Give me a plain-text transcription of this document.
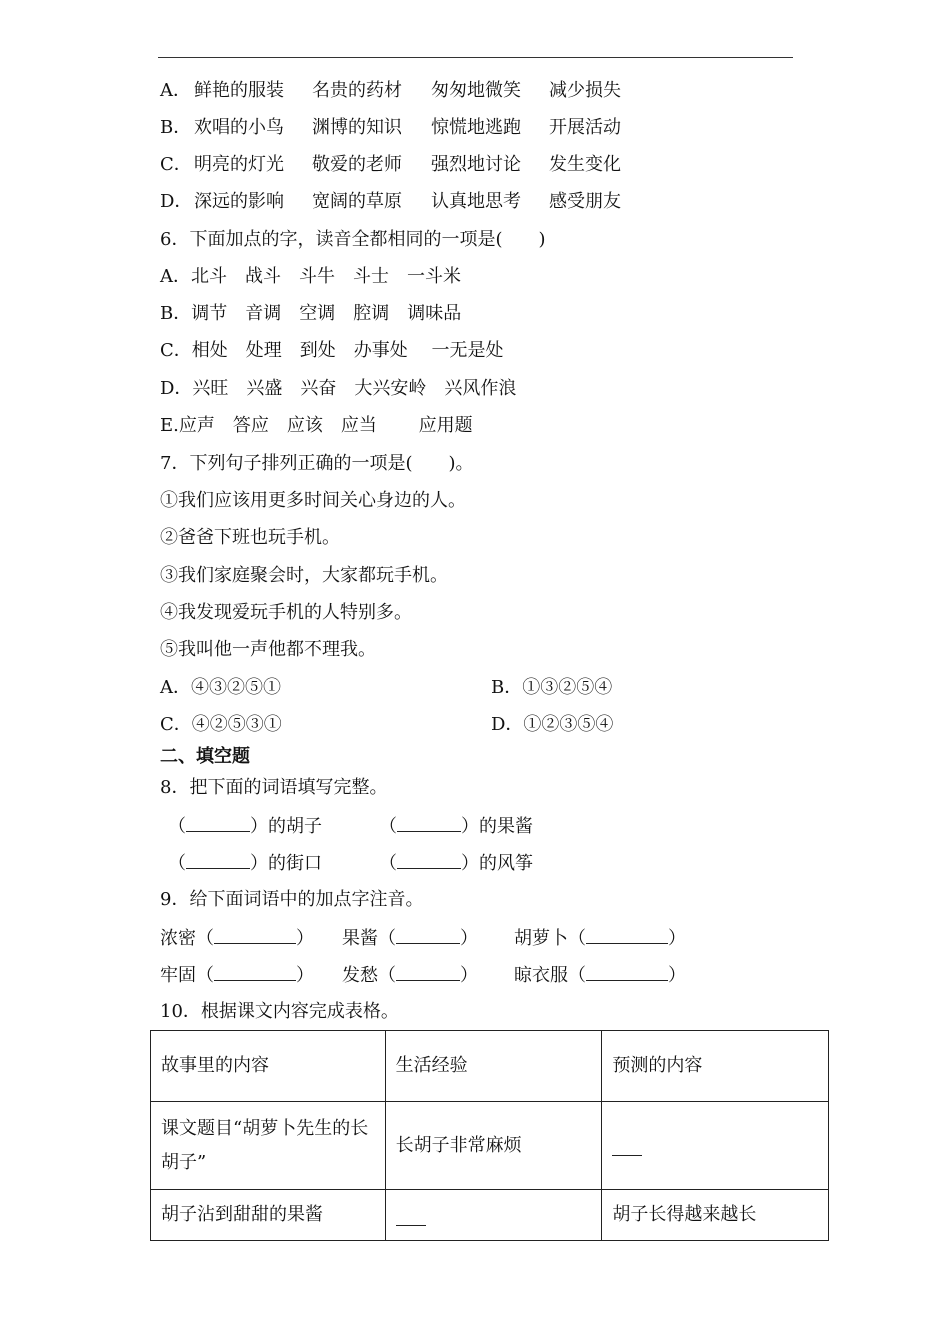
A． 鲜艳的服装 名贵的药材 匆匆地微笑 减少损失
B． 欢唱的小鸟 渊博的知识 惊慌地逃跑 开展活动
C． 明亮的灯光 敬爱的老师 强烈地讨论 发生变化
D． 深远的影响 宽阔的草原 认真地思考 感受朋友
6．下面加点的字，读音全都相同的一项是(　　)
A．北斗　战斗　斗牛　斗士　一斗米
B．调节　音调　空调　腔调　调味品
C．相处　处理　到处　办事处　 一无是处
D．兴旺　兴盛　兴奋　大兴安岭　兴风作浪
E.应声　答应　应该　应当　　 应用题
7．下列句子排列正确的一项是(　　)。
①我们应该用更多时间关心身边的人。
②爸爸下班也玩手机。
③我们家庭聚会时，大家都玩手机。
④我发现爱玩手机的人特别多。
⑤我叫他一声他都不理我。
A．④③②⑤①	B．①③②⑤④
C．④②⑤③①	D．①②③⑤④
二、填空题
8．把下面的词语填写完整。
（	）的胡子	（	）的果酱
（	）的街口	（	）的风筝
9．给下面词语中的加点字注音。
浓密（	） 果酱（	） 胡萝卜（	）
牢固（	） 发愁（	） 晾衣服（	）
10．根据课文内容完成表格。
故事里的内容	生活经验	预测的内容
课文题目“胡萝卜先生的长胡子”	长胡子非常麻烦	
胡子沾到甜甜的果酱		胡子长得越来越长
